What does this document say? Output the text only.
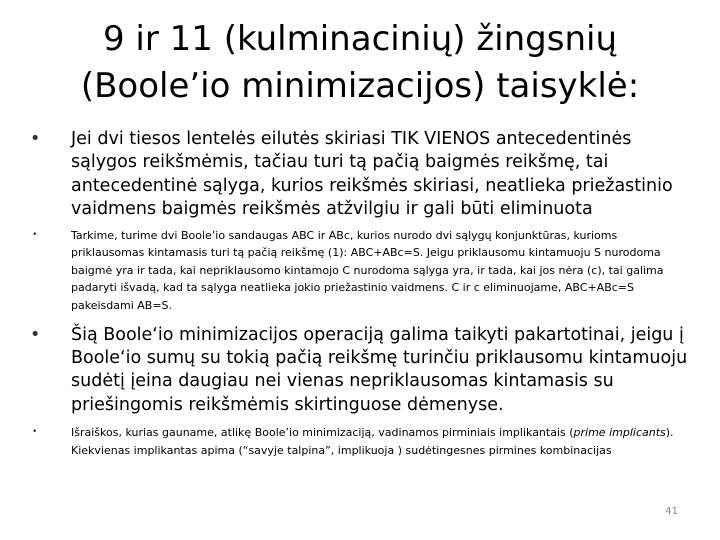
9 ir 11 (kulminacinių) žingsnių
(Boole’io minimizacijos) taisyklė:
• Jei dvi tiesos lentelės eilutės skiriasi TIK VIENOS antecedentinės sąlygos reikšmėmis, tačiau turi tą pačią baigmės reikšmę, tai antecedentinė sąlyga, kurios reikšmės skiriasi, neatlieka priežastinio vaidmens baigmės reikšmės atžvilgiu ir gali būti eliminuota

•	Tarkime, turime dvi Boole’io sandaugas ABC ir ABc, kurios nurodo dvi sąlygų konjunktūras, kurioms priklausomas kintamasis turi tą pačią reikšmę (1): ABC+ABc=S. Jeigu priklausomu kintamuoju S nurodoma baigmė yra ir tada, kai nepriklausomo kintamojo C nurodoma sąlyga yra, ir tada, kai jos nėra (c), tai galima padaryti išvadą, kad ta sąlyga neatlieka jokio priežastinio vaidmens. C ir c eliminuojame, ABC+ABc=S pakeisdami AB=S.

• Šią Boole‘io minimizacijos operaciją galima taikyti pakartotinai, jeigu į Boole‘io sumų su tokią pačią reikšmę turinčiu priklausomu kintamuoju sudėtį įeina daugiau nei vienas nepriklausomas kintamasis su priešingomis reikšmėmis skirtinguose dėmenyse.

•	Išraiškos, kurias gauname, atlikę Boole’io minimizaciją, vadinamos pirminiais implikantais (prime implicants). Kiekvienas implikantas apima (“savyje talpina”, implikuoja ) sudėtingesnes pirmines kombinacijas

41
